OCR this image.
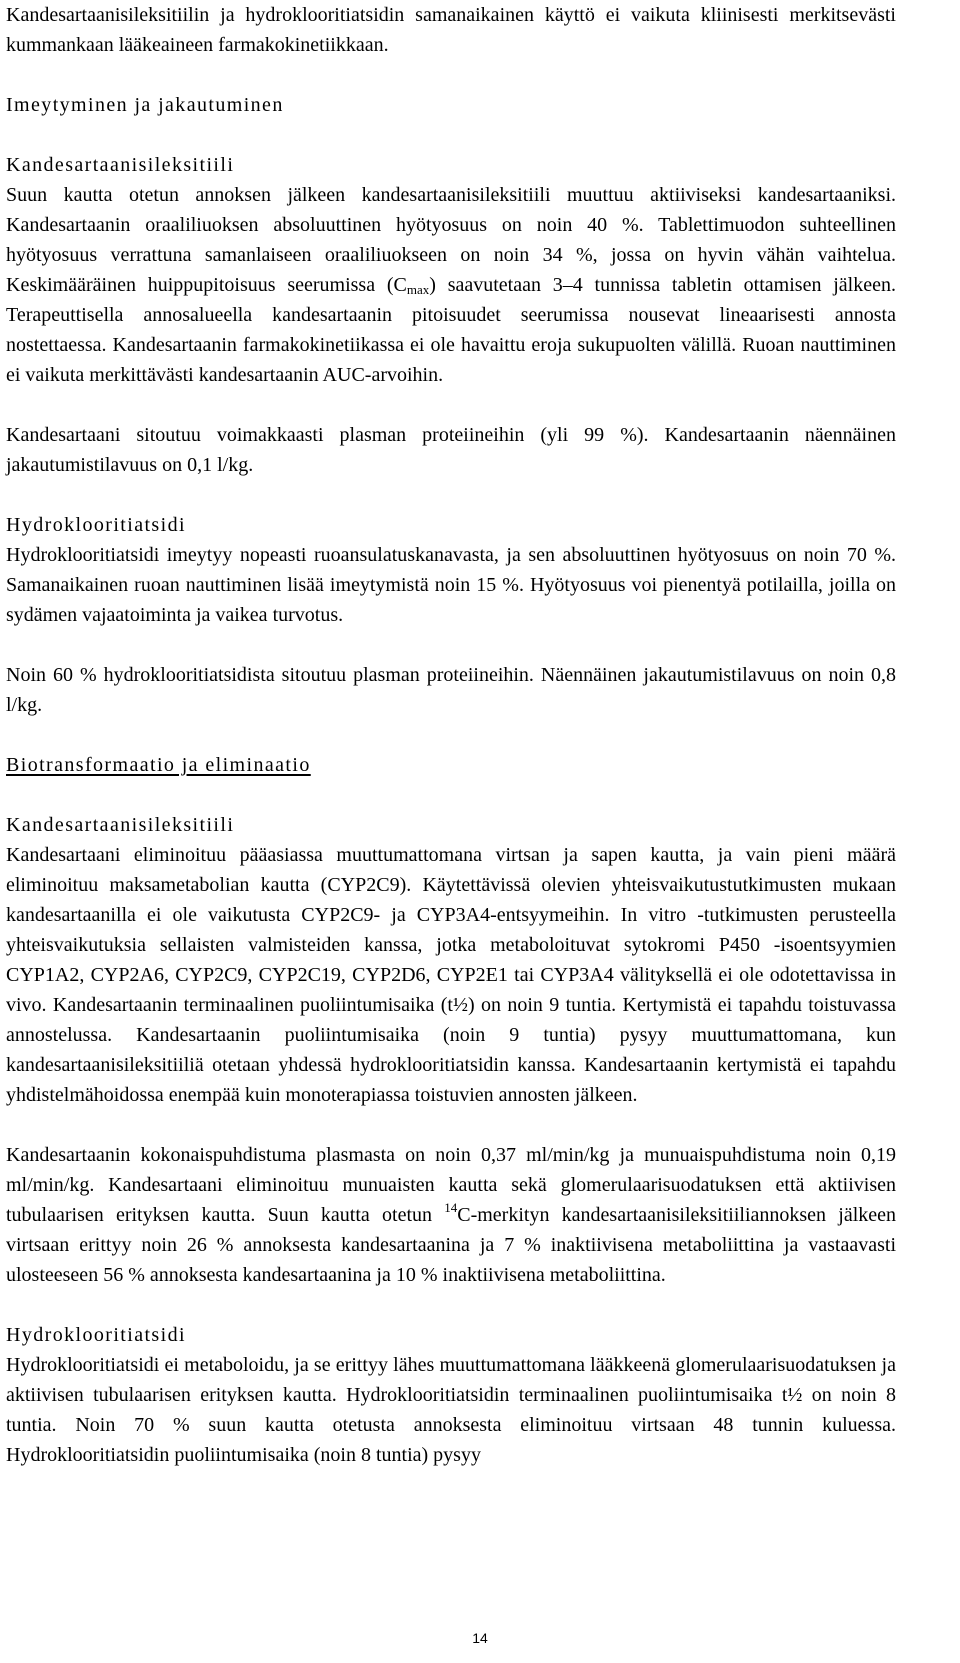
Kandesartaanisileksitiilin ja hydroklooritiatsidin samanaikainen käyttö ei vaikuta kliinisesti merkitsevästi kummankaan lääkeaineen farmakokinetiikkaan.

Imeytyminen ja jakautuminen

Kandesartaanisileksitiili

Suun kautta otetun annoksen jälkeen kandesartaanisileksitiili muuttuu aktiiviseksi kandesartaaniksi. Kandesartaanin oraaliliuoksen absoluuttinen hyötyosuus on noin 40 %. Tablettimuodon suhteellinen hyötyosuus verrattuna samanlaiseen oraaliliuokseen on noin 34 %, jossa on hyvin vähän vaihtelua. Keskimääräinen huippupitoisuus seerumissa $(C_{max})$ saavutetaan 3–4 tunnissa tabletin ottamisen jälkeen. Terapeuttisella annosalueella kandesartaanin pitoisuudet seerumissa nousevat lineaarisesti annosta nostettaessa. Kandesartaanin farmakokinetiikassa ei ole havaittu eroja sukupuolten välillä. Ruoan nauttiminen ei vaikuta merkittävästi kandesartaanin AUC-arvoihin.

Kandesartaani sitoutuu voimakkaasti plasman proteiineihin (yli 99 %). Kandesartaanin näennäinen jakautumistilavuus on 0,1 l/kg.

Hydroklooritiatsidi

Hydroklooritiatsidi imeytyy nopeasti ruoansulatuskanavasta, ja sen absoluuttinen hyötyosuus on noin 70 %. Samanaikainen ruoan nauttiminen lisää imeytymistä noin 15 %. Hyötyosuus voi pienentyä potilailla, joilla on sydämen vajaatoiminta ja vaikea turvotus.

Noin 60 % hydroklooritiatsidista sitoutuu plasman proteiineihin. Näennäinen jakautumistilavuus on noin 0,8 l/kg.

Biotransformaatio ja eliminaatio

Kandesartaanisileksitiili

Kandesartaani eliminoituu pääasiassa muuttumattomana virtsan ja sapen kautta, ja vain pieni määrä eliminoituu maksametabolian kautta (CYP2C9). Käytettävissä olevien yhteisvaikutustutkimusten mukaan kandesartaanilla ei ole vaikutusta CYP2C9- ja CYP3A4-entsyymeihin. In vitro -tutkimusten perusteella yhteisvaikutuksia sellaisten valmisteiden kanssa, jotka metaboloituvat sytokromi P450 -isoentsyymien CYP1A2, CYP2A6, CYP2C9, CYP2C19, CYP2D6, CYP2E1 tai CYP3A4 välityksellä ei ole odotettavissa in vivo. Kandesartaanin terminaalinen puoliintumisaika (t½) on noin 9 tuntia. Kertymistä ei tapahdu toistuvassa annostelussa. Kandesartaanin puoliintumisaika (noin 9 tuntia) pysyy muuttumattomana, kun kandesartaanisileksitiiliä otetaan yhdessä hydroklooritiatsidin kanssa. Kandesartaanin kertymistä ei tapahdu yhdistelmähoidossa enempää kuin monoterapiassa toistuvien annosten jälkeen.

Kandesartaanin kokonaispuhdistuma plasmasta on noin 0,37 ml/min/kg ja munuaispuhdistuma noin 0,19 ml/min/kg. Kandesartaani eliminoituu munuaisten kautta sekä glomerulaarisuodatuksen että aktiivisen tubulaarisen erityksen kautta. Suun kautta otetun $^{14}$C-merkityn kandesartaanisileksitiiliannoksen jälkeen virtsaan erittyy noin 26 % annoksesta kandesartaanina ja 7 % inaktiivisena metaboliittina ja vastaavasti ulosteeseen 56 % annoksesta kandesartaanina ja 10 % inaktiivisena metaboliittina.

Hydroklooritiatsidi

Hydroklooritiatsidi ei metaboloidu, ja se erittyy lähes muuttumattomana lääkkeenä glomerulaarisuodatuksen ja aktiivisen tubulaarisen erityksen kautta. Hydroklooritiatsidin terminaalinen puoliintumisaika t½ on noin 8 tuntia. Noin 70 % suun kautta otetusta annoksesta eliminoituu virtsaan 48 tunnin kuluessa. Hydroklooritiatsidin puoliintumisaika (noin 8 tuntia) pysyy

14
